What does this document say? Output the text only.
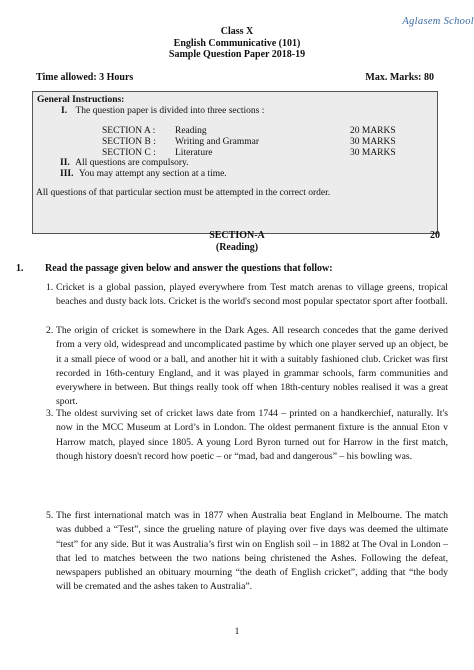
Aglasem School
Class X
English Communicative (101)
Sample Question Paper 2018-19
Time allowed: 3 Hours	Max. Marks: 80
General Instructions:
I. The question paper is divided into three sections :
SECTION A : Reading	20 MARKS
SECTION B : Writing and Grammar	30 MARKS
SECTION C : Literature	30 MARKS
II. All questions are compulsory.
III. You may attempt any section at a time.
All questions of that particular section must be attempted in the correct order.
SECTION-A
(Reading)
20
1. Read the passage given below and answer the questions that follow:
1. Cricket is a global passion, played everywhere from Test match arenas to village greens, tropical beaches and dusty back lots. Cricket is the world's second most popular spectator sport after football.
2. The origin of cricket is somewhere in the Dark Ages. All research concedes that the game derived from a very old, widespread and uncomplicated pastime by which one player served up an object, be it a small piece of wood or a ball, and another hit it with a suitably fashioned club. Cricket was first recorded in 16th-century England, and it was played in grammar schools, farm communities and everywhere in between. But things really took off when 18th-century nobles realised it was a great sport.
3. The oldest surviving set of cricket laws date from 1744 – printed on a handkerchief, naturally. It's now in the MCC Museum at Lord’s in London. The oldest permanent fixture is the annual Eton v Harrow match, played since 1805. A young Lord Byron turned out for Harrow in the first match, though history doesn't record how poetic – or “mad, bad and dangerous” – his bowling was.
5. The first international match was in 1877 when Australia beat England in Melbourne. The match was dubbed a “Test”, since the grueling nature of playing over five days was deemed the ultimate “test” for any side. But it was Australia’s first win on English soil – in 1882 at The Oval in London – that led to matches between the two nations being christened the Ashes. Following the defeat, newspapers published an obituary mourning “the death of English cricket”, adding that “the body will be cremated and the ashes taken to Australia”.
1
